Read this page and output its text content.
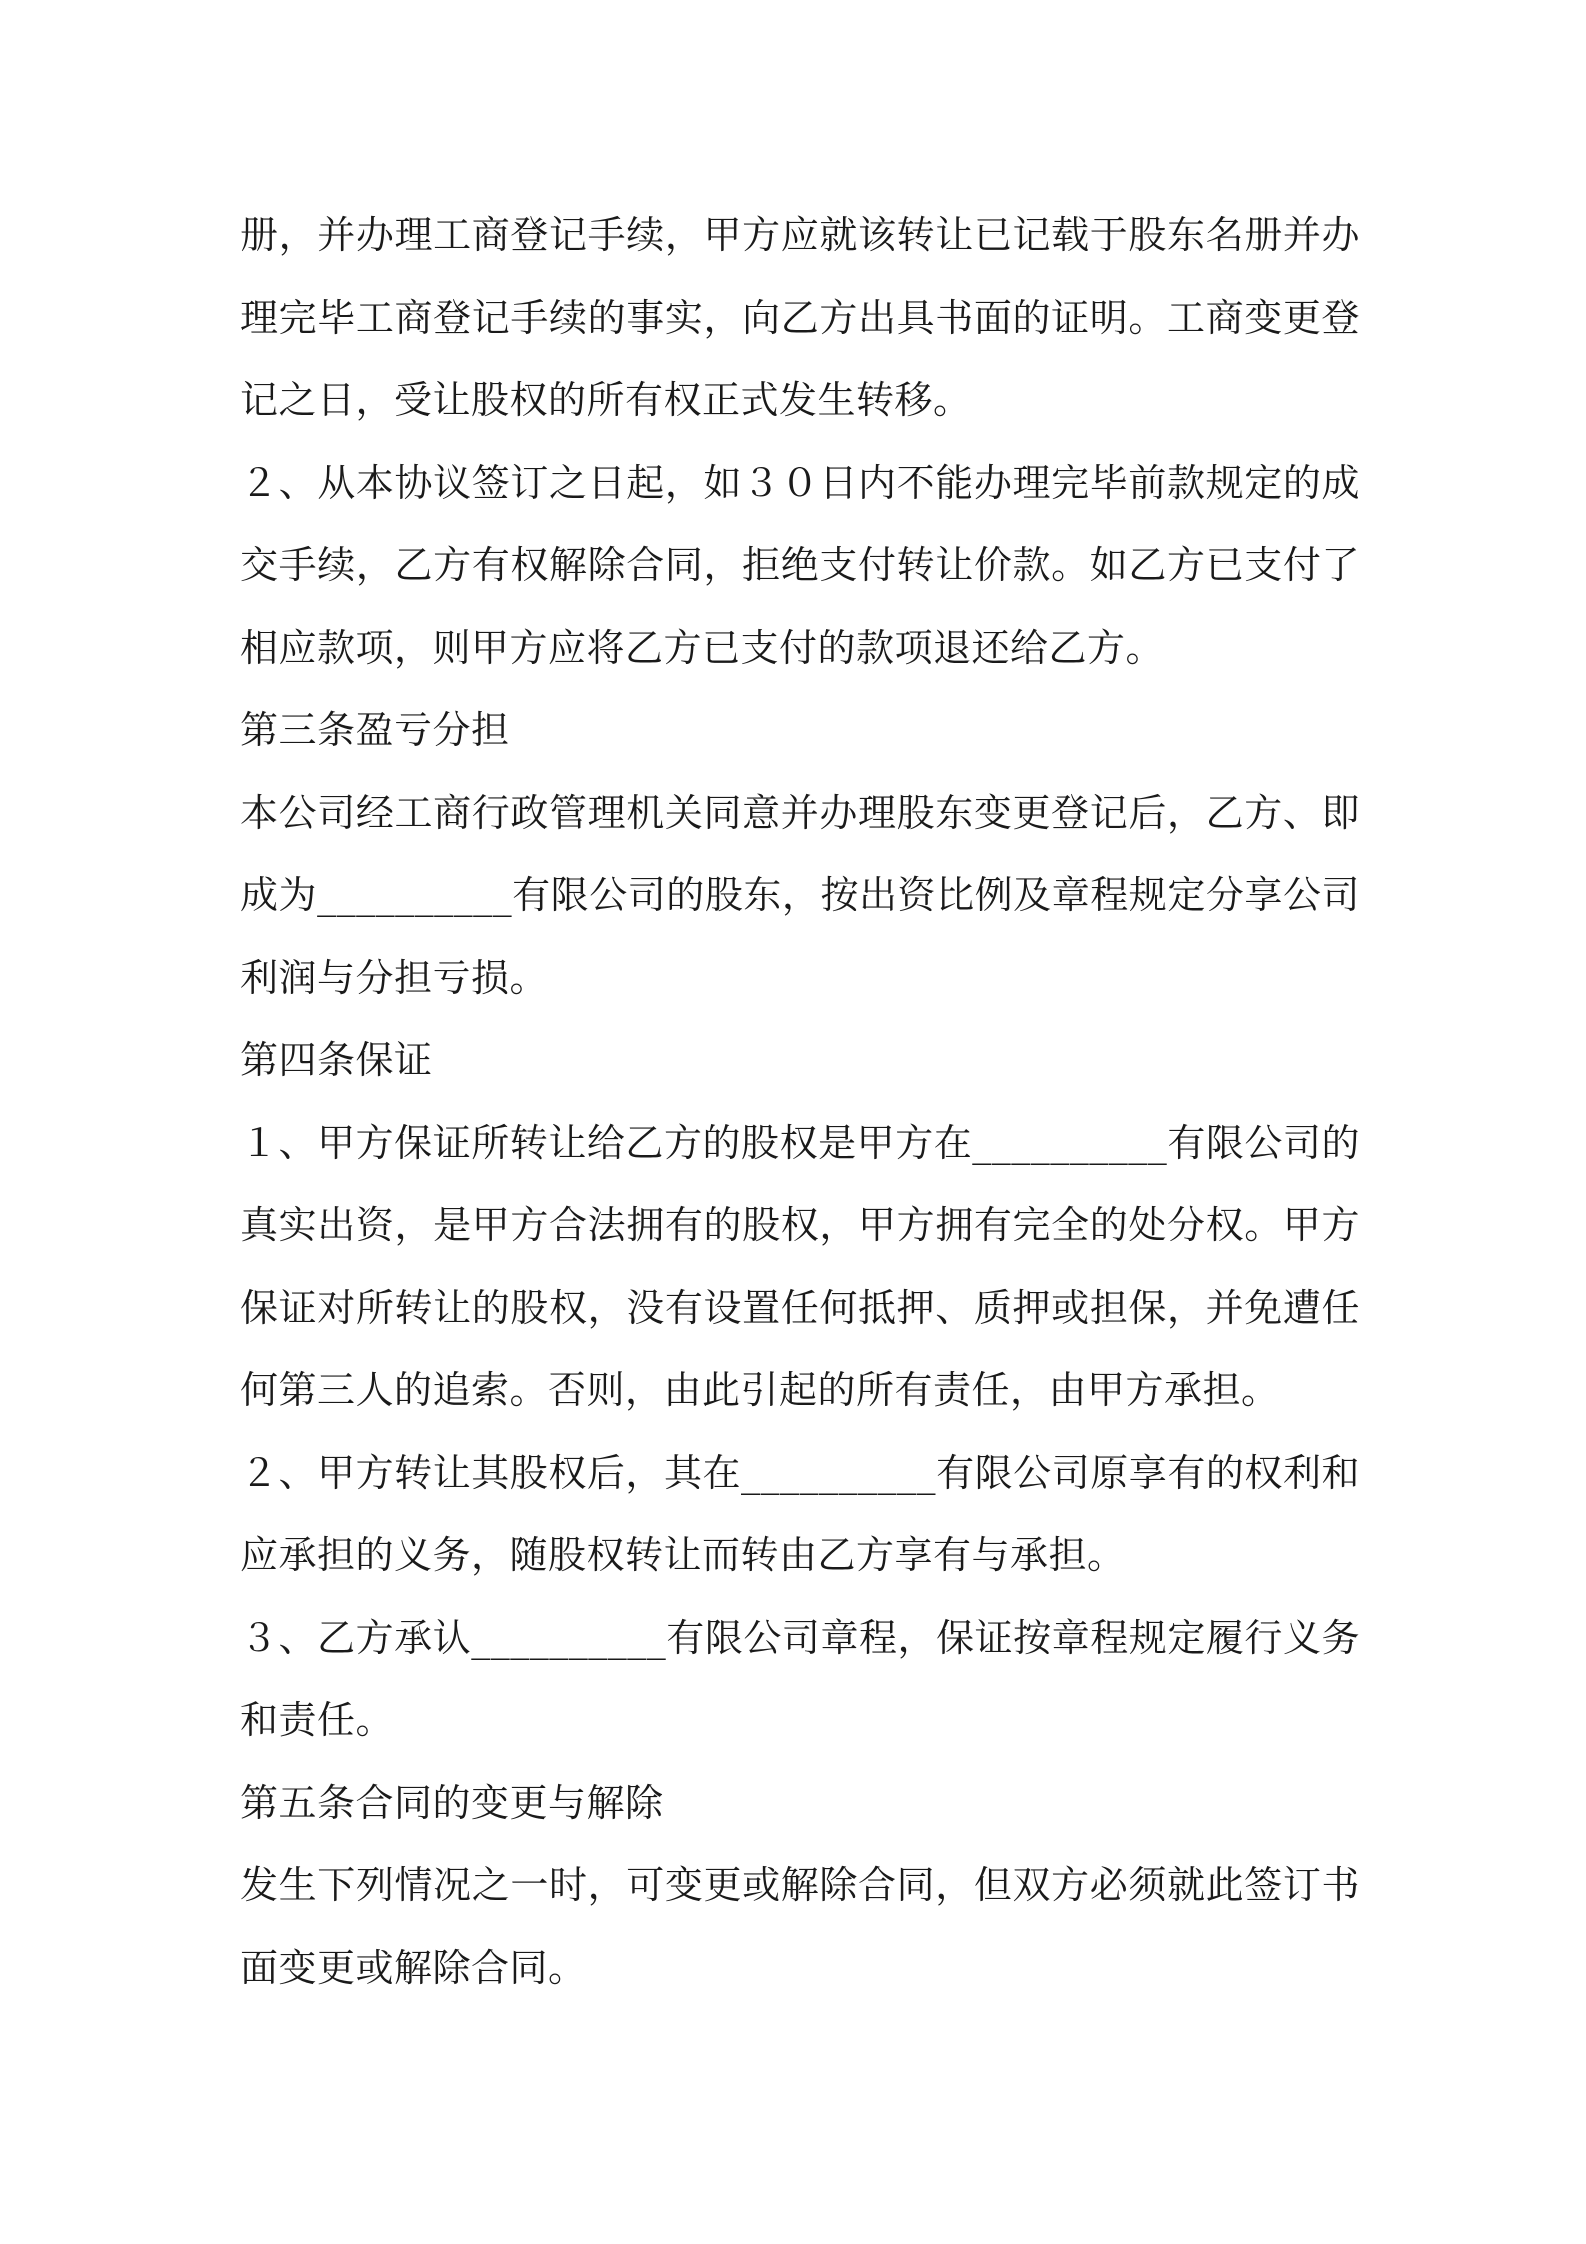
册，并办理工商登记手续，甲方应就该转让已记载于股东名册并办理完毕工商登记手续的事实，向乙方出具书面的证明。工商变更登记之日，受让股权的所有权正式发生转移。

２、从本协议签订之日起，如３０日内不能办理完毕前款规定的成交手续，乙方有权解除合同，拒绝支付转让价款。如乙方已支付了相应款项，则甲方应将乙方已支付的款项退还给乙方。

第三条盈亏分担

本公司经工商行政管理机关同意并办理股东变更登记后，乙方、即成为__________有限公司的股东，按出资比例及章程规定分享公司利润与分担亏损。

第四条保证

１、甲方保证所转让给乙方的股权是甲方在__________有限公司的真实出资，是甲方合法拥有的股权，甲方拥有完全的处分权。甲方保证对所转让的股权，没有设置任何抵押、质押或担保，并免遭任何第三人的追索。否则，由此引起的所有责任，由甲方承担。

２、甲方转让其股权后，其在__________有限公司原享有的权利和应承担的义务，随股权转让而转由乙方享有与承担。

３、乙方承认__________有限公司章程，保证按章程规定履行义务和责任。

第五条合同的变更与解除

发生下列情况之一时，可变更或解除合同，但双方必须就此签订书面变更或解除合同。
